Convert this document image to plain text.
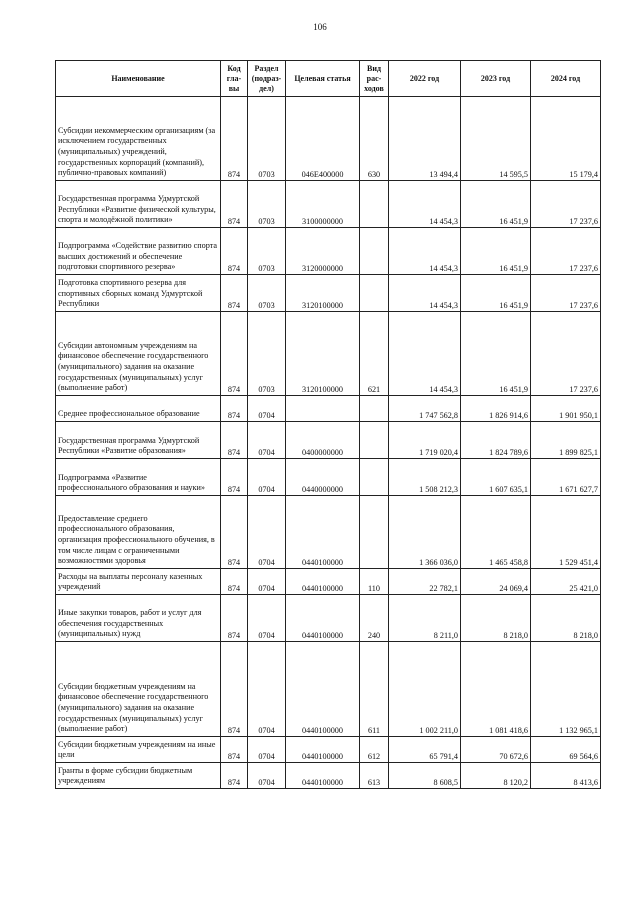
106
Наименование	Код гла- вы	Раздел (подраз- дел)	Целевая статья	Вид рас- ходов	2022 год	2023 год	2024 год
Субсидии некоммерческим организациям (за исключением государственных (муниципальных) учреждений, государственных корпораций (компаний), публично-правовых компаний)	874	0703	046E400000	630	13 494,4	14 595,5	15 179,4
Государственная программа Удмуртской Республики «Развитие физической культуры, спорта и молодёжной политики»	874	0703	3100000000		14 454,3	16 451,9	17 237,6
Подпрограмма «Содействие развитию спорта высших достижений и обеспечение подготовки спортивного резерва»	874	0703	3120000000		14 454,3	16 451,9	17 237,6
Подготовка спортивного резерва для спортивных сборных команд Удмуртской Республики	874	0703	3120100000		14 454,3	16 451,9	17 237,6
Субсидии автономным учреждениям на финансовое обеспечение государственного (муниципального) задания на оказание государственных (муниципальных) услуг (выполнение работ)	874	0703	3120100000	621	14 454,3	16 451,9	17 237,6
Среднее профессиональное образование	874	0704			1 747 562,8	1 826 914,6	1 901 950,1
Государственная программа Удмуртской Республики «Развитие образования»	874	0704	0400000000		1 719 020,4	1 824 789,6	1 899 825,1
Подпрограмма «Развитие профессионального образования и науки»	874	0704	0440000000		1 508 212,3	1 607 635,1	1 671 627,7
Предоставление среднего профессионального образования, организация профессионального обучения, в том числе лицам с ограниченными возможностями здоровья	874	0704	0440100000		1 366 036,0	1 465 458,8	1 529 451,4
Расходы на выплаты персоналу казенных учреждений	874	0704	0440100000	110	22 782,1	24 069,4	25 421,0
Иные закупки товаров, работ и услуг для обеспечения государственных (муниципальных) нужд	874	0704	0440100000	240	8 211,0	8 218,0	8 218,0
Субсидии бюджетным учреждениям на финансовое обеспечение государственного (муниципального) задания на оказание государственных (муниципальных) услуг (выполнение работ)	874	0704	0440100000	611	1 002 211,0	1 081 418,6	1 132 965,1
Субсидии бюджетным учреждениям на иные цели	874	0704	0440100000	612	65 791,4	70 672,6	69 564,6
Гранты в форме субсидии бюджетным учреждениям	874	0704	0440100000	613	8 608,5	8 120,2	8 413,6
